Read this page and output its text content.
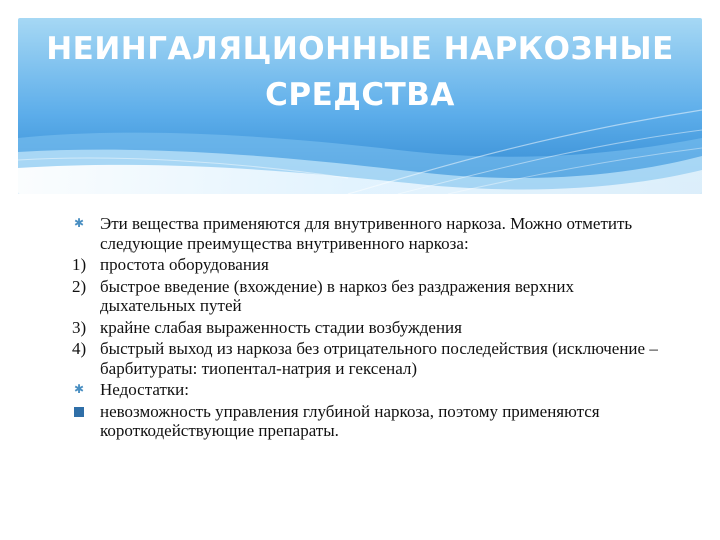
НЕИНГАЛЯЦИОННЫЕ НАРКОЗНЫЕ СРЕДСТВА
✱ Эти вещества применяются для внутривенного наркоза. Можно отметить следующие преимущества внутривенного наркоза:
1) простота оборудования
2) быстрое введение (вхождение) в наркоз без раздражения верхних дыхательных путей
3) крайне слабая выраженность стадии возбуждения
4) быстрый выход из наркоза без отрицательного последействия (исключение – барбитураты: тиопентал-натрия и гексенал)
✱ Недостатки:
невозможность управления глубиной наркоза, поэтому применяются короткодействующие препараты.
